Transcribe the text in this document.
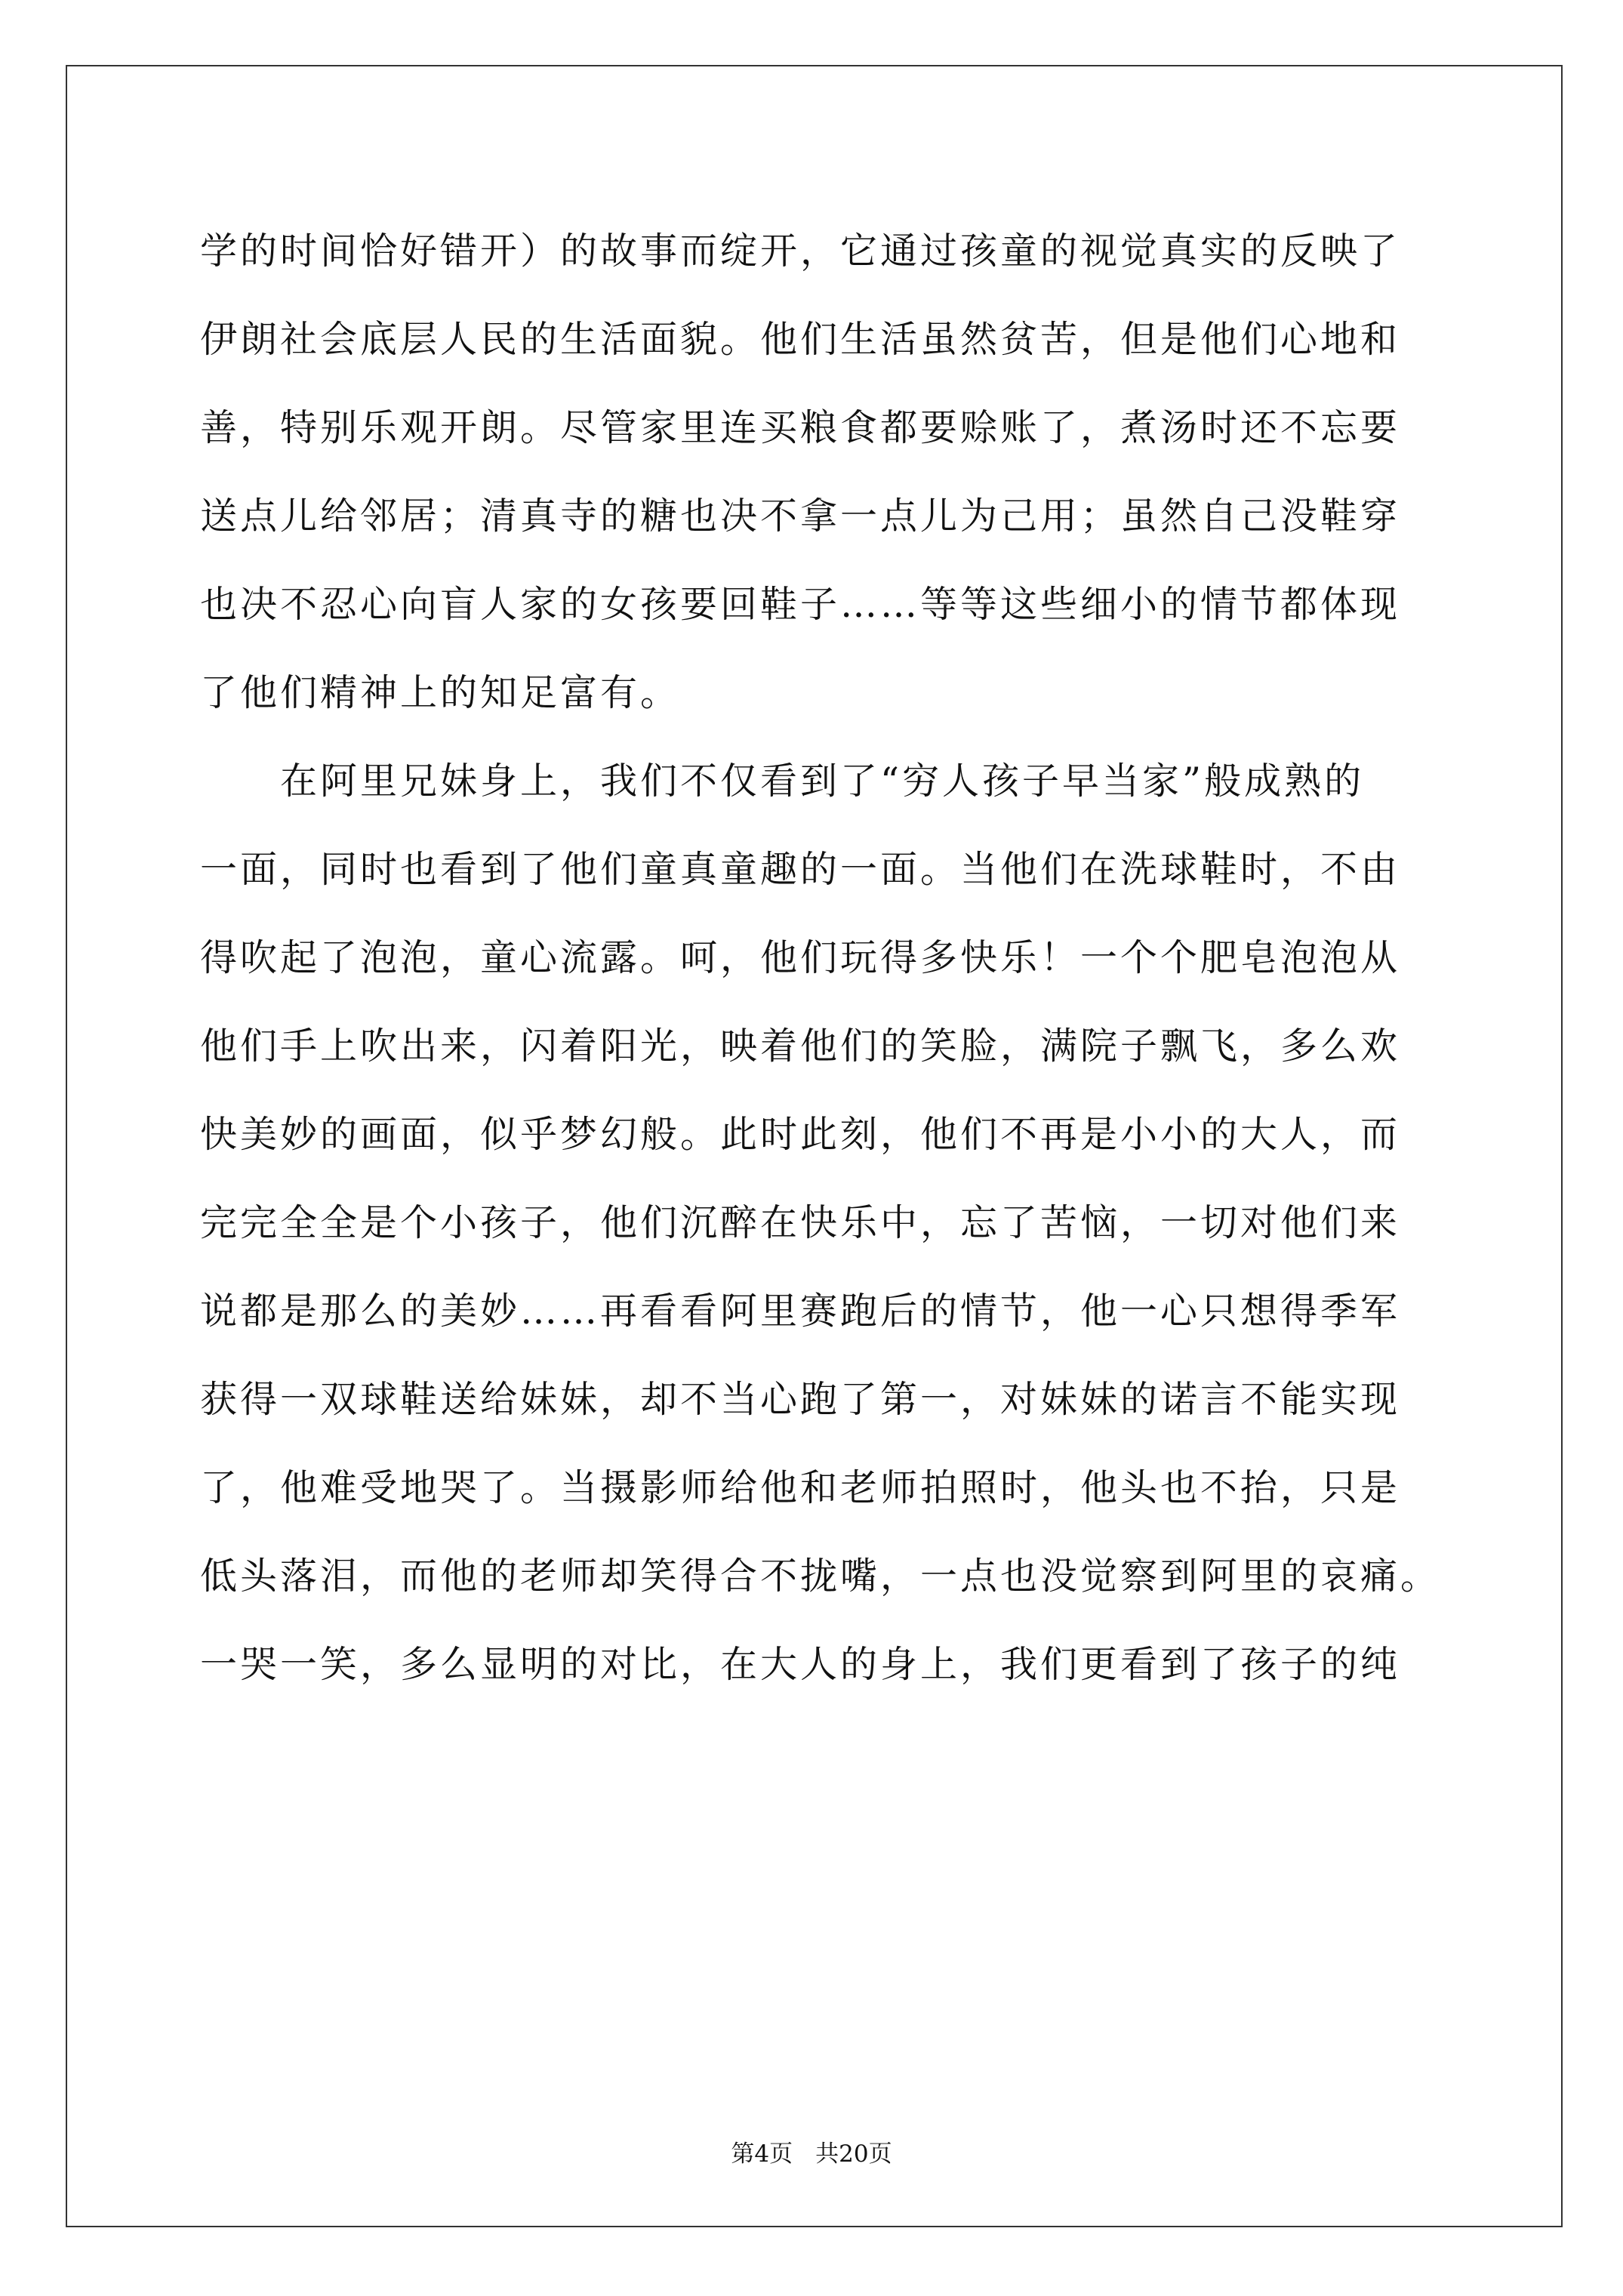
学的时间恰好错开）的故事而绽开，它通过孩童的视觉真实的反映了
伊朗社会底层人民的生活面貌。他们生活虽然贫苦，但是他们心地和
善，特别乐观开朗。尽管家里连买粮食都要赊账了，煮汤时还不忘要
送点儿给邻居；清真寺的糖也决不拿一点儿为己用；虽然自己没鞋穿
也决不忍心向盲人家的女孩要回鞋子……等等这些细小的情节都体现
了他们精神上的知足富有。
在阿里兄妹身上，我们不仅看到了“穷人孩子早当家”般成熟的
一面，同时也看到了他们童真童趣的一面。当他们在洗球鞋时，不由
得吹起了泡泡，童心流露。呵，他们玩得多快乐！一个个肥皂泡泡从
他们手上吹出来，闪着阳光，映着他们的笑脸，满院子飘飞，多么欢
快美妙的画面，似乎梦幻般。此时此刻，他们不再是小小的大人，而
完完全全是个小孩子，他们沉醉在快乐中，忘了苦恼，一切对他们来
说都是那么的美妙……再看看阿里赛跑后的情节，他一心只想得季军
获得一双球鞋送给妹妹，却不当心跑了第一，对妹妹的诺言不能实现
了，他难受地哭了。当摄影师给他和老师拍照时，他头也不抬，只是
低头落泪，而他的老师却笑得合不拢嘴，一点也没觉察到阿里的哀痛。
一哭一笑，多么显明的对比，在大人的身上，我们更看到了孩子的纯
第4页 共20页
